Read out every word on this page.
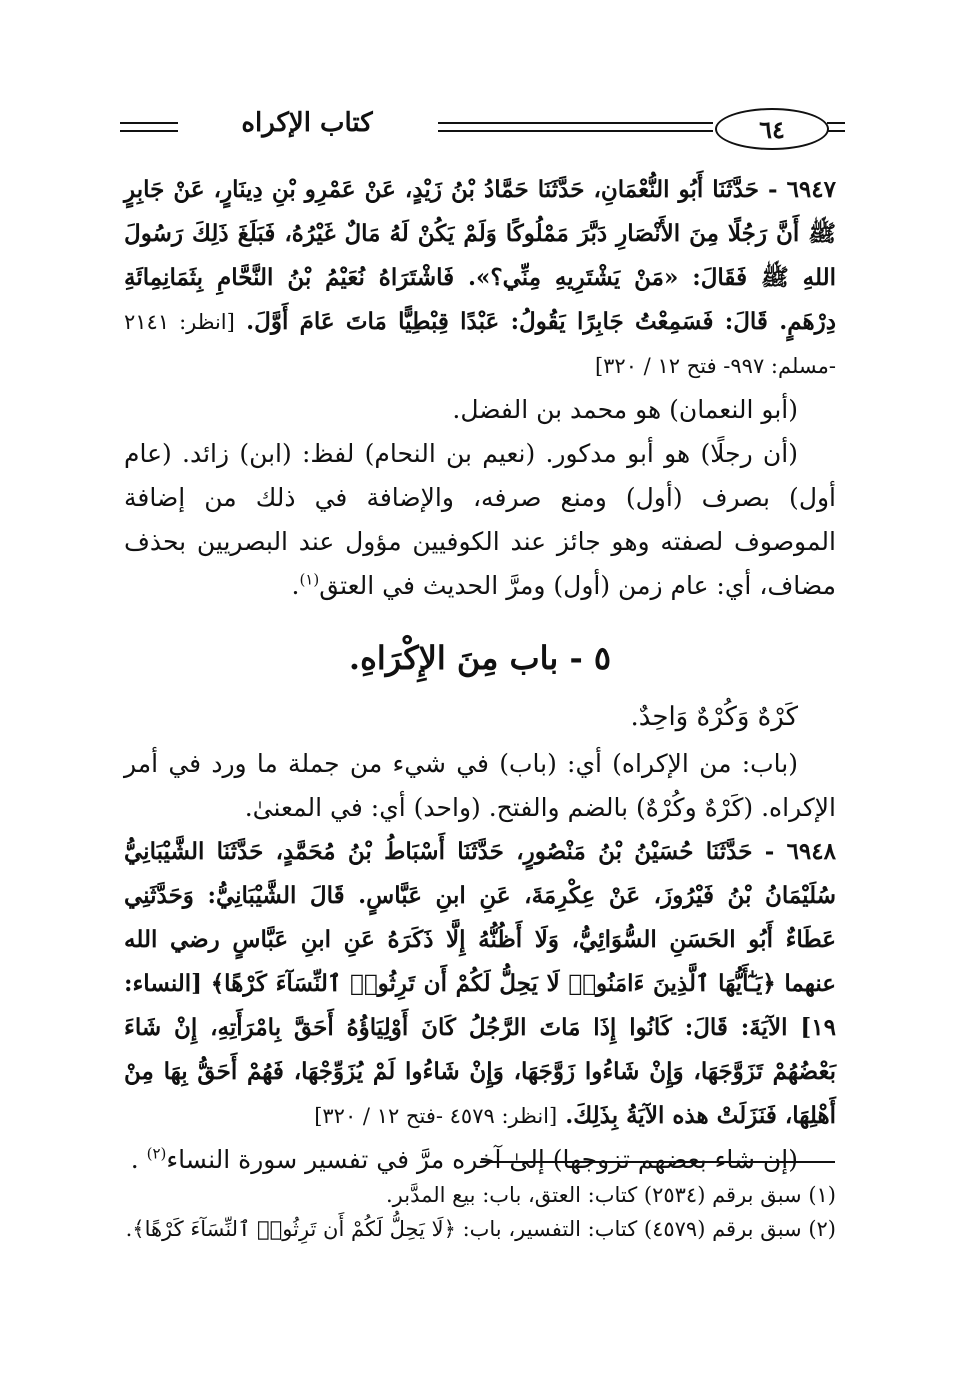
كتاب الإكراه	٦٤

٦٩٤٧ - حَدَّثَنَا أَبُو النُّعْمَانِ، حَدَّثَنَا حَمَّادُ بْنُ زَيْدٍ، عَنْ عَمْرِو بْنِ دِينَارٍ، عَنْ جَابِرٍ ﷺ أَنَّ رَجُلًا مِنَ الأَنْصَارِ دَبَّرَ مَمْلُوكًا وَلَمْ يَكُنْ لَهُ مَالٌ غَيْرُهُ، فَبَلَغَ ذَلِكَ رَسُولَ اللهِ ﷺ فَقَالَ: «مَنْ يَشْتَرِيهِ مِنِّي؟». فَاشْتَرَاهُ نُعَيْمُ بْنُ النَّحَّامِ بِثَمَانِمِائَةِ دِرْهَمٍ. قَالَ: فَسَمِعْتُ جَابِرًا يَقُولُ: عَبْدًا قِبْطِيًّا مَاتَ عَامَ أَوَّلَ. [انظر: ٢١٤١ -مسلم: ٩٩٧- فتح ١٢ / ٣٢٠]

(أبو النعمان) هو محمد بن الفضل.

(أن رجلًا) هو أبو مدكور. (نعيم بن النحام) لفظ: (ابن) زائد. (عام أول) بصرف (أول) ومنع صرفه، والإضافة في ذلك من إضافة الموصوف لصفته وهو جائز عند الكوفيين مؤول عند البصريين بحذف مضاف، أي: عام زمن (أول) ومرَّ الحديث في العتق$^{(١)}$.

٥ - باب مِنَ الإِكْرَاهِ.

كَرْهٌ وَكُرْهٌ وَاحِدٌ.

(باب: من الإكراه) أي: (باب) في شيء من جملة ما ورد في أمر الإكراه. (كَرْهٌ وكُرْهٌ) بالضم والفتح. (واحد) أي: في المعنىٰ.

٦٩٤٨ - حَدَّثَنَا حُسَيْنُ بْنُ مَنْصُورٍ، حَدَّثَنَا أَسْبَاطُ بْنُ مُحَمَّدٍ، حَدَّثَنَا الشَّيْبَانِيُّ سُلَيْمَانُ بْنُ فَيْرُوزَ، عَنْ عِكْرِمَةَ، عَنِ ابنِ عَبَّاسٍ. قَالَ الشَّيْبَانِيُّ: وَحَدَّثَنِي عَطَاءٌ أَبُو الحَسَنِ السُّوَائِيُّ، وَلَا أَظُنُّهُ إِلَّا ذَكَرَهُ عَنِ ابنِ عَبَّاسٍ رضي الله عنهما ﴿يَـٰٓأَيُّهَا ٱلَّذِينَ ءَامَنُوا۟ لَا يَحِلُّ لَكُمْ أَن تَرِثُوا۟ ٱلنِّسَآءَ كَرْهًا﴾ [النساء: ١٩] الآيَةَ: قَالَ: كَانُوا إِذَا مَاتَ الرَّجُلُ كَانَ أَوْلِيَاؤُهُ أَحَقَّ بِامْرَأَتِهِ، إِنْ شَاءَ بَعْضُهُمْ تَزَوَّجَهَا، وَإِنْ شَاءُوا زَوَّجَهَا، وَإِنْ شَاءُوا لَمْ يُزَوِّجْهَا، فَهُمْ أَحَقُّ بِهَا مِنْ أَهْلِهَا، فَنَزَلَتْ هذه الآيَةُ بِذَلِكَ. [انظر: ٤٥٧٩ -فتح ١٢ / ٣٢٠]

(إن شاء بعضهم تزوجها) إلىٰ آخره مرَّ في تفسير سورة النساء$^{(٢)}$ .

(١) سبق برقم (٢٥٣٤) كتاب: العتق، باب: بيع المدَّبر.

(٢) سبق برقم (٤٥٧٩) كتاب: التفسير، باب: ﴿لَا يَحِلُّ لَكُمْ أَن تَرِثُوا۟ ٱلنِّسَآءَ كَرْهًا﴾.
